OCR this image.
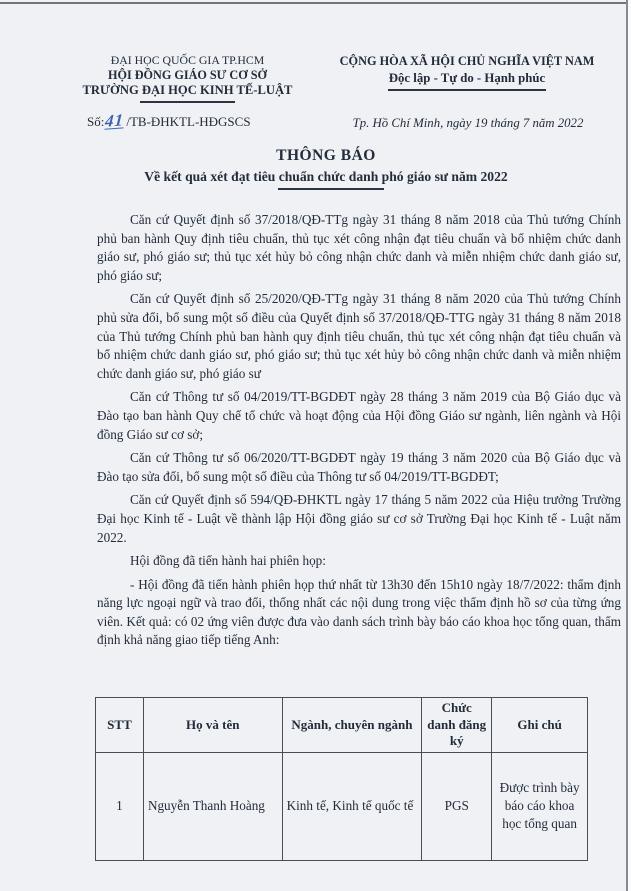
ĐẠI HỌC QUỐC GIA TP.HCM
HỘI ĐỒNG GIÁO SƯ CƠ SỞ
TRƯỜNG ĐẠI HỌC KINH TẾ-LUẬT
CỘNG HÒA XÃ HỘI CHỦ NGHĨA VIỆT NAM
Độc lập - Tự do - Hạnh phúc
Số:41/TB-ĐHKTL-HĐGSCS	Tp. Hồ Chí Minh, ngày 19 tháng 7 năm 2022
THÔNG BÁO
Về kết quả xét đạt tiêu chuẩn chức danh phó giáo sư năm 2022

Căn cứ Quyết định số 37/2018/QĐ-TTg ngày 31 tháng 8 năm 2018 của Thủ tướng Chính phủ ban hành Quy định tiêu chuẩn, thủ tục xét công nhận đạt tiêu chuẩn và bổ nhiệm chức danh giáo sư, phó giáo sư; thủ tục xét hủy bỏ công nhận chức danh và miễn nhiệm chức danh giáo sư, phó giáo sư;

Căn cứ Quyết định số 25/2020/QĐ-TTg ngày 31 tháng 8 năm 2020 của Thủ tướng Chính phủ sửa đổi, bổ sung một số điều của Quyết định số 37/2018/QĐ-TTG ngày 31 tháng 8 năm 2018 của Thủ tướng Chính phủ ban hành quy định tiêu chuẩn, thủ tục xét công nhận đạt tiêu chuẩn và bổ nhiệm chức danh giáo sư, phó giáo sư; thủ tục xét hủy bỏ công nhận chức danh và miễn nhiệm chức danh giáo sư, phó giáo sư

Căn cứ Thông tư số 04/2019/TT-BGDĐT ngày 28 tháng 3 năm 2019 của Bộ Giáo dục và Đào tạo ban hành Quy chế tổ chức và hoạt động của Hội đồng Giáo sư ngành, liên ngành và Hội đồng Giáo sư cơ sở;

Căn cứ Thông tư số 06/2020/TT-BGDĐT ngày 19 tháng 3 năm 2020 của Bộ Giáo dục và Đào tạo sửa đổi, bổ sung một số điều của Thông tư số 04/2019/TT-BGDĐT;

Căn cứ Quyết định số 594/QĐ-ĐHKTL ngày 17 tháng 5 năm 2022 của Hiệu trưởng Trường Đại học Kinh tế - Luật về thành lập Hội đồng giáo sư cơ sở Trường Đại học Kinh tế - Luật năm 2022.

Hội đồng đã tiến hành hai phiên họp:

- Hội đồng đã tiến hành phiên họp thứ nhất từ 13h30 đến 15h10 ngày 18/7/2022: thẩm định năng lực ngoại ngữ và trao đổi, thống nhất các nội dung trong việc thẩm định hồ sơ của từng ứng viên. Kết quả: có 02 ứng viên được đưa vào danh sách trình bày báo cáo khoa học tổng quan, thẩm định khả năng giao tiếp tiếng Anh:

STT	Họ và tên	Ngành, chuyên ngành	Chức danh đăng ký	Ghi chú
1	Nguyễn Thanh Hoàng	Kinh tế, Kinh tế quốc tế	PGS	Được trình bày báo cáo khoa học tổng quan
